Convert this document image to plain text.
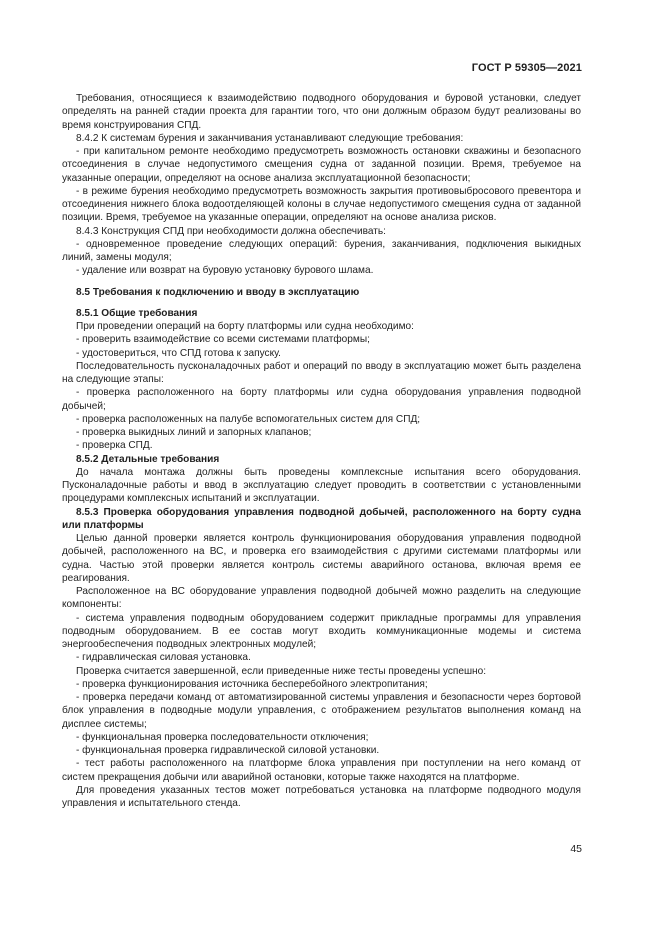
ГОСТ Р 59305—2021

Требования, относящиеся к взаимодействию подводного оборудования и буровой установки, следует определять на ранней стадии проекта для гарантии того, что они должным образом будут реализованы во время конструирования СПД.

8.4.2 К системам бурения и заканчивания устанавливают следующие требования:

- при капитальном ремонте необходимо предусмотреть возможность остановки скважины и безопасного отсоединения в случае недопустимого смещения судна от заданной позиции. Время, требуемое на указанные операции, определяют на основе анализа эксплуатационной безопасности;

- в режиме бурения необходимо предусмотреть возможность закрытия противовыбросового превентора и отсоединения нижнего блока водоотделяющей колоны в случае недопустимого смещения судна от заданной позиции. Время, требуемое на указанные операции, определяют на основе анализа рисков.

8.4.3 Конструкция СПД при необходимости должна обеспечивать:

- одновременное проведение следующих операций: бурения, заканчивания, подключения выкидных линий, замены модуля;

- удаление или возврат на буровую установку бурового шлама.

8.5 Требования к подключению и вводу в эксплуатацию

8.5.1 Общие требования

При проведении операций на борту платформы или судна необходимо:

- проверить взаимодействие со всеми системами платформы;

- удостовериться, что СПД готова к запуску.

Последовательность пусконаладочных работ и операций по вводу в эксплуатацию может быть разделена на следующие этапы:

- проверка расположенного на борту платформы или судна оборудования управления подводной добычей;

- проверка расположенных на палубе вспомогательных систем для СПД;

- проверка выкидных линий и запорных клапанов;

- проверка СПД.

8.5.2 Детальные требования

До начала монтажа должны быть проведены комплексные испытания всего оборудования. Пусконаладочные работы и ввод в эксплуатацию следует проводить в соответствии с установленными процедурами комплексных испытаний и эксплуатации.

8.5.3 Проверка оборудования управления подводной добычей, расположенного на борту судна или платформы

Целью данной проверки является контроль функционирования оборудования управления подводной добычей, расположенного на ВС, и проверка его взаимодействия с другими системами платформы или судна. Частью этой проверки является контроль системы аварийного останова, включая время ее реагирования.

Расположенное на ВС оборудование управления подводной добычей можно разделить на следующие компоненты:

- система управления подводным оборудованием содержит прикладные программы для управления подводным оборудованием. В ее состав могут входить коммуникационные модемы и система энергообеспечения подводных электронных модулей;

- гидравлическая силовая установка.

Проверка считается завершенной, если приведенные ниже тесты проведены успешно:

- проверка функционирования источника бесперебойного электропитания;

- проверка передачи команд от автоматизированной системы управления и безопасности через бортовой блок управления в подводные модули управления, с отображением результатов выполнения команд на дисплее системы;

- функциональная проверка последовательности отключения;

- функциональная проверка гидравлической силовой установки.

- тест работы расположенного на платформе блока управления при поступлении на него команд от систем прекращения добычи или аварийной остановки, которые также находятся на платформе.

Для проведения указанных тестов может потребоваться установка на платформе подводного модуля управления и испытательного стенда.

45
